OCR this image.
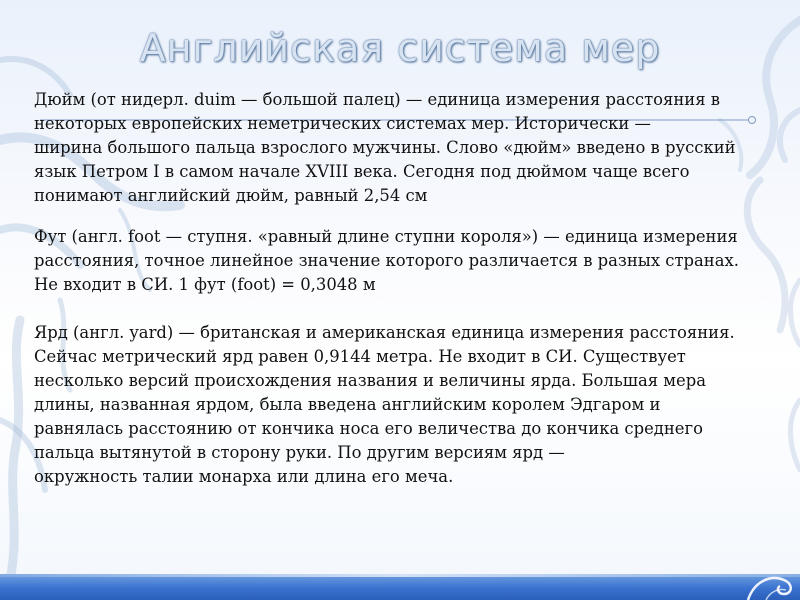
Английская система мер
Дюйм (от нидерл. duim — большой палец) — единица измерения расстояния в
некоторых европейских неметрических системах мер. Исторически —
ширина большого пальца взрослого мужчины. Слово «дюйм» введено в русский
язык Петром I в самом начале XVIII века. Сегодня под дюймом чаще всего
понимают английский дюйм, равный 2,54 см
Фут (англ. foot — ступня. «равный длине ступни короля») — единица измерения
расстояния, точное линейное значение которого различается в разных странах.
Не входит в СИ. 1 фут (foot) = 0,3048 м
Ярд (англ. yard) — британская и американская единица измерения расстояния.
Сейчас метрический ярд равен 0,9144 метра. Не входит в СИ. Существует
несколько версий происхождения названия и величины ярда. Большая мера
длины, названная ярдом, была введена английским королем Эдгаром и
равнялась расстоянию от кончика носа его величества до кончика среднего
пальца вытянутой в сторону руки. По другим версиям ярд —
окружность талии монарха или длина его меча.
